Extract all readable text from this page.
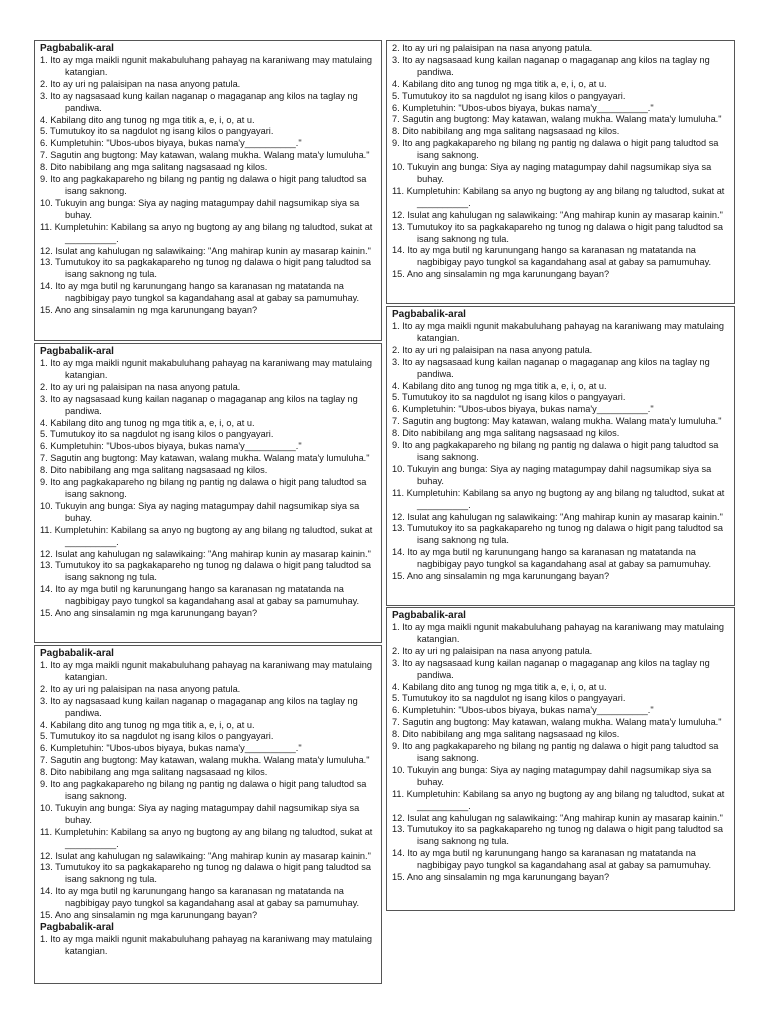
Pagbabalik-aral
1. Ito ay mga maikli ngunit makabuluhang pahayag na karaniwang may matulaing katangian.
2. Ito ay uri ng palaisipan na nasa anyong patula.
3. Ito ay nagsasaad kung kailan naganap o magaganap ang kilos na taglay ng pandiwa.
4. Kabilang dito ang tunog ng mga titik a, e, i, o, at u.
5. Tumutukoy ito sa nagdulot ng isang kilos o pangyayari.
6. Kumpletuhin: "Ubos-ubos biyaya, bukas nama'y__________."
7. Sagutin ang bugtong: May katawan, walang mukha. Walang mata'y lumuluha."
8. Dito nabibilang ang mga salitang nagsasaad ng kilos.
9. Ito ang pagkakapareho ng bilang ng pantig ng dalawa o higit pang taludtod sa isang saknong.
10. Tukuyin ang bunga: Siya ay naging matagumpay dahil nagsumikap siya sa buhay.
11. Kumpletuhin: Kabilang sa anyo ng bugtong ay ang bilang ng taludtod, sukat at __________.
12. Isulat ang kahulugan ng salawikaing: "Ang mahirap kunin ay masarap kainin."
13. Tumutukoy ito sa pagkakapareho ng tunog ng dalawa o higit pang taludtod sa isang saknong ng tula.
14. Ito ay mga butil ng karunungang hango sa karanasan ng matatanda na nagbibigay payo tungkol sa kagandahang asal at gabay sa pamumuhay.
15. Ano ang sinsalamin ng mga karunungang bayan?
Pagbabalik-aral
1. Ito ay mga maikli ngunit makabuluhang pahayag na karaniwang may matulaing katangian.
2. Ito ay uri ng palaisipan na nasa anyong patula.
3. Ito ay nagsasaad kung kailan naganap o magaganap ang kilos na taglay ng pandiwa.
4. Kabilang dito ang tunog ng mga titik a, e, i, o, at u.
5. Tumutukoy ito sa nagdulot ng isang kilos o pangyayari.
6. Kumpletuhin: "Ubos-ubos biyaya, bukas nama'y__________."
7. Sagutin ang bugtong: May katawan, walang mukha. Walang mata'y lumuluha."
8. Dito nabibilang ang mga salitang nagsasaad ng kilos.
9. Ito ang pagkakapareho ng bilang ng pantig ng dalawa o higit pang taludtod sa isang saknong.
10. Tukuyin ang bunga: Siya ay naging matagumpay dahil nagsumikap siya sa buhay.
11. Kumpletuhin: Kabilang sa anyo ng bugtong ay ang bilang ng taludtod, sukat at __________.
12. Isulat ang kahulugan ng salawikaing: "Ang mahirap kunin ay masarap kainin."
13. Tumutukoy ito sa pagkakapareho ng tunog ng dalawa o higit pang taludtod sa isang saknong ng tula.
14. Ito ay mga butil ng karunungang hango sa karanasan ng matatanda na nagbibigay payo tungkol sa kagandahang asal at gabay sa pamumuhay.
15. Ano ang sinsalamin ng mga karunungang bayan?
Pagbabalik-aral
1. Ito ay mga maikli ngunit makabuluhang pahayag na karaniwang may matulaing katangian.
2. Ito ay uri ng palaisipan na nasa anyong patula.
3. Ito ay nagsasaad kung kailan naganap o magaganap ang kilos na taglay ng pandiwa.
4. Kabilang dito ang tunog ng mga titik a, e, i, o, at u.
5. Tumutukoy ito sa nagdulot ng isang kilos o pangyayari.
6. Kumpletuhin: "Ubos-ubos biyaya, bukas nama'y__________."
7. Sagutin ang bugtong: May katawan, walang mukha. Walang mata'y lumuluha."
8. Dito nabibilang ang mga salitang nagsasaad ng kilos.
9. Ito ang pagkakapareho ng bilang ng pantig ng dalawa o higit pang taludtod sa isang saknong.
10. Tukuyin ang bunga: Siya ay naging matagumpay dahil nagsumikap siya sa buhay.
11. Kumpletuhin: Kabilang sa anyo ng bugtong ay ang bilang ng taludtod, sukat at __________.
12. Isulat ang kahulugan ng salawikaing: "Ang mahirap kunin ay masarap kainin."
13. Tumutukoy ito sa pagkakapareho ng tunog ng dalawa o higit pang taludtod sa isang saknong ng tula.
14. Ito ay mga butil ng karunungang hango sa karanasan ng matatanda na nagbibigay payo tungkol sa kagandahang asal at gabay sa pamumuhay.
15. Ano ang sinsalamin ng mga karunungang bayan?
Pagbabalik-aral
1. Ito ay mga maikli ngunit makabuluhang pahayag na karaniwang may matulaing katangian.
2. Ito ay uri ng palaisipan na nasa anyong patula.
3. Ito ay nagsasaad kung kailan naganap o magaganap ang kilos na taglay ng pandiwa.
4. Kabilang dito ang tunog ng mga titik a, e, i, o, at u.
5. Tumutukoy ito sa nagdulot ng isang kilos o pangyayari.
6. Kumpletuhin: "Ubos-ubos biyaya, bukas nama'y__________."
7. Sagutin ang bugtong: May katawan, walang mukha. Walang mata'y lumuluha."
8. Dito nabibilang ang mga salitang nagsasaad ng kilos.
9. Ito ang pagkakapareho ng bilang ng pantig ng dalawa o higit pang taludtod sa isang saknong.
10. Tukuyin ang bunga: Siya ay naging matagumpay dahil nagsumikap siya sa buhay.
11. Kumpletuhin: Kabilang sa anyo ng bugtong ay ang bilang ng taludtod, sukat at __________.
12. Isulat ang kahulugan ng salawikaing: "Ang mahirap kunin ay masarap kainin."
13. Tumutukoy ito sa pagkakapareho ng tunog ng dalawa o higit pang taludtod sa isang saknong ng tula.
14. Ito ay mga butil ng karunungang hango sa karanasan ng matatanda na nagbibigay payo tungkol sa kagandahang asal at gabay sa pamumuhay.
15. Ano ang sinsalamin ng mga karunungang bayan?
Pagbabalik-aral
1. Ito ay mga maikli ngunit makabuluhang pahayag na karaniwang may matulaing katangian.
2. Ito ay uri ng palaisipan na nasa anyong patula.
3. Ito ay nagsasaad kung kailan naganap o magaganap ang kilos na taglay ng pandiwa.
4. Kabilang dito ang tunog ng mga titik a, e, i, o, at u.
5. Tumutukoy ito sa nagdulot ng isang kilos o pangyayari.
6. Kumpletuhin: "Ubos-ubos biyaya, bukas nama'y__________."
7. Sagutin ang bugtong: May katawan, walang mukha. Walang mata'y lumuluha."
8. Dito nabibilang ang mga salitang nagsasaad ng kilos.
9. Ito ang pagkakapareho ng bilang ng pantig ng dalawa o higit pang taludtod sa isang saknong.
10. Tukuyin ang bunga: Siya ay naging matagumpay dahil nagsumikap siya sa buhay.
11. Kumpletuhin: Kabilang sa anyo ng bugtong ay ang bilang ng taludtod, sukat at __________.
12. Isulat ang kahulugan ng salawikaing: "Ang mahirap kunin ay masarap kainin."
13. Tumutukoy ito sa pagkakapareho ng tunog ng dalawa o higit pang taludtod sa isang saknong ng tula.
14. Ito ay mga butil ng karunungang hango sa karanasan ng matatanda na nagbibigay payo tungkol sa kagandahang asal at gabay sa pamumuhay.
15. Ano ang sinsalamin ng mga karunungang bayan?
Pagbabalik-aral
1. Ito ay mga maikli ngunit makabuluhang pahayag na karaniwang may matulaing katangian.
2. Ito ay uri ng palaisipan na nasa anyong patula.
3. Ito ay nagsasaad kung kailan naganap o magaganap ang kilos na taglay ng pandiwa.
4. Kabilang dito ang tunog ng mga titik a, e, i, o, at u.
5. Tumutukoy ito sa nagdulot ng isang kilos o pangyayari.
6. Kumpletuhin: "Ubos-ubos biyaya, bukas nama'y__________."
7. Sagutin ang bugtong: May katawan, walang mukha. Walang mata'y lumuluha."
8. Dito nabibilang ang mga salitang nagsasaad ng kilos.
9. Ito ang pagkakapareho ng bilang ng pantig ng dalawa o higit pang taludtod sa isang saknong.
10. Tukuyin ang bunga: Siya ay naging matagumpay dahil nagsumikap siya sa buhay.
11. Kumpletuhin: Kabilang sa anyo ng bugtong ay ang bilang ng taludtod, sukat at __________.
12. Isulat ang kahulugan ng salawikaing: "Ang mahirap kunin ay masarap kainin."
13. Tumutukoy ito sa pagkakapareho ng tunog ng dalawa o higit pang taludtod sa isang saknong ng tula.
14. Ito ay mga butil ng karunungang hango sa karanasan ng matatanda na nagbibigay payo tungkol sa kagandahang asal at gabay sa pamumuhay.
15. Ano ang sinsalamin ng mga karunungang bayan?
